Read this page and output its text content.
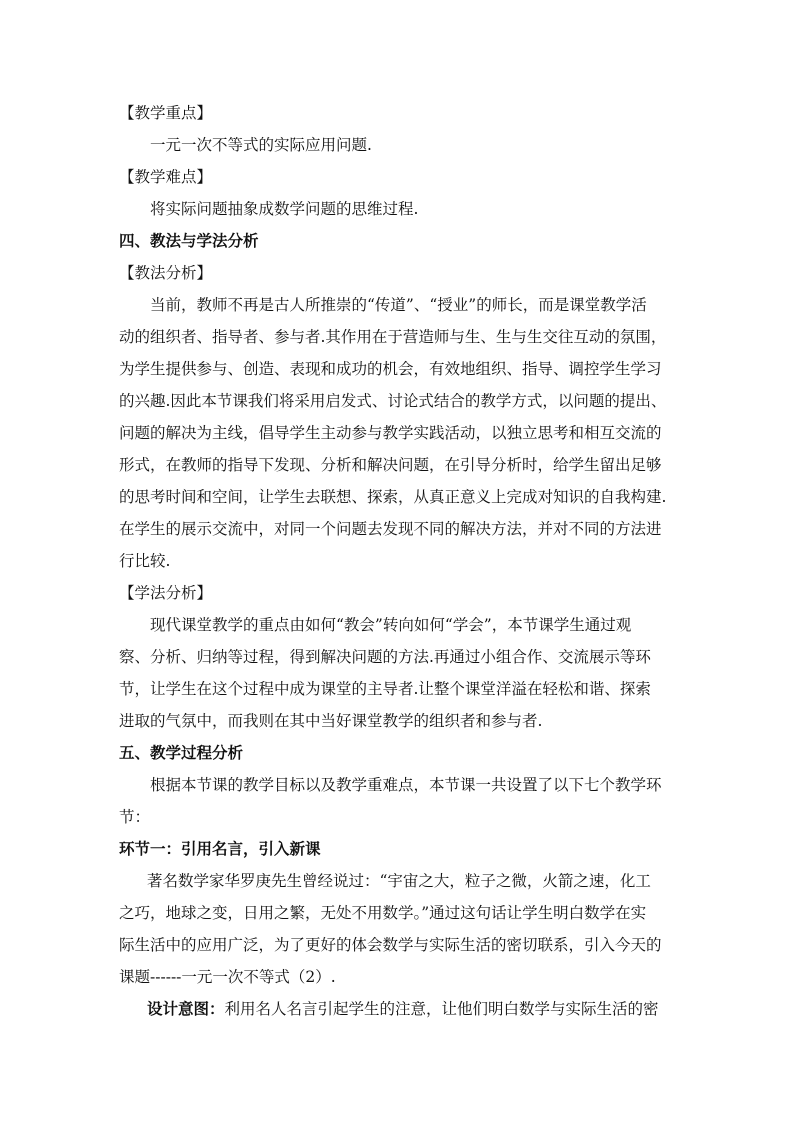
【教学重点】

一元一次不等式的实际应用问题.

【教学难点】

将实际问题抽象成数学问题的思维过程.

四、教法与学法分析

【教法分析】

当前，教师不再是古人所推崇的“传道”、“授业”的师长，而是课堂教学活

动的组织者、指导者、参与者.其作用在于营造师与生、生与生交往互动的氛围，

为学生提供参与、创造、表现和成功的机会，有效地组织、指导、调控学生学习

的兴趣.因此本节课我们将采用启发式、讨论式结合的教学方式，以问题的提出、

问题的解决为主线，倡导学生主动参与教学实践活动，以独立思考和相互交流的

形式，在教师的指导下发现、分析和解决问题，在引导分析时，给学生留出足够

的思考时间和空间，让学生去联想、探索，从真正意义上完成对知识的自我构建.

在学生的展示交流中，对同一个问题去发现不同的解决方法，并对不同的方法进

行比较.

【学法分析】

现代课堂教学的重点由如何“教会”转向如何“学会”，本节课学生通过观

察、分析、归纳等过程，得到解决问题的方法.再通过小组合作、交流展示等环

节，让学生在这个过程中成为课堂的主导者.让整个课堂洋溢在轻松和谐、探索

进取的气氛中，而我则在其中当好课堂教学的组织者和参与者.

五、教学过程分析

根据本节课的教学目标以及教学重难点，本节课一共设置了以下七个教学环

节：

环节一：引用名言，引入新课

著名数学家华罗庚先生曾经说过：“宇宙之大，粒子之微，火箭之速，化工

之巧，地球之变，日用之繁，无处不用数学。”通过这句话让学生明白数学在实

际生活中的应用广泛，为了更好的体会数学与实际生活的密切联系，引入今天的

课题------一元一次不等式（2）.

设计意图：利用名人名言引起学生的注意，让他们明白数学与实际生活的密
